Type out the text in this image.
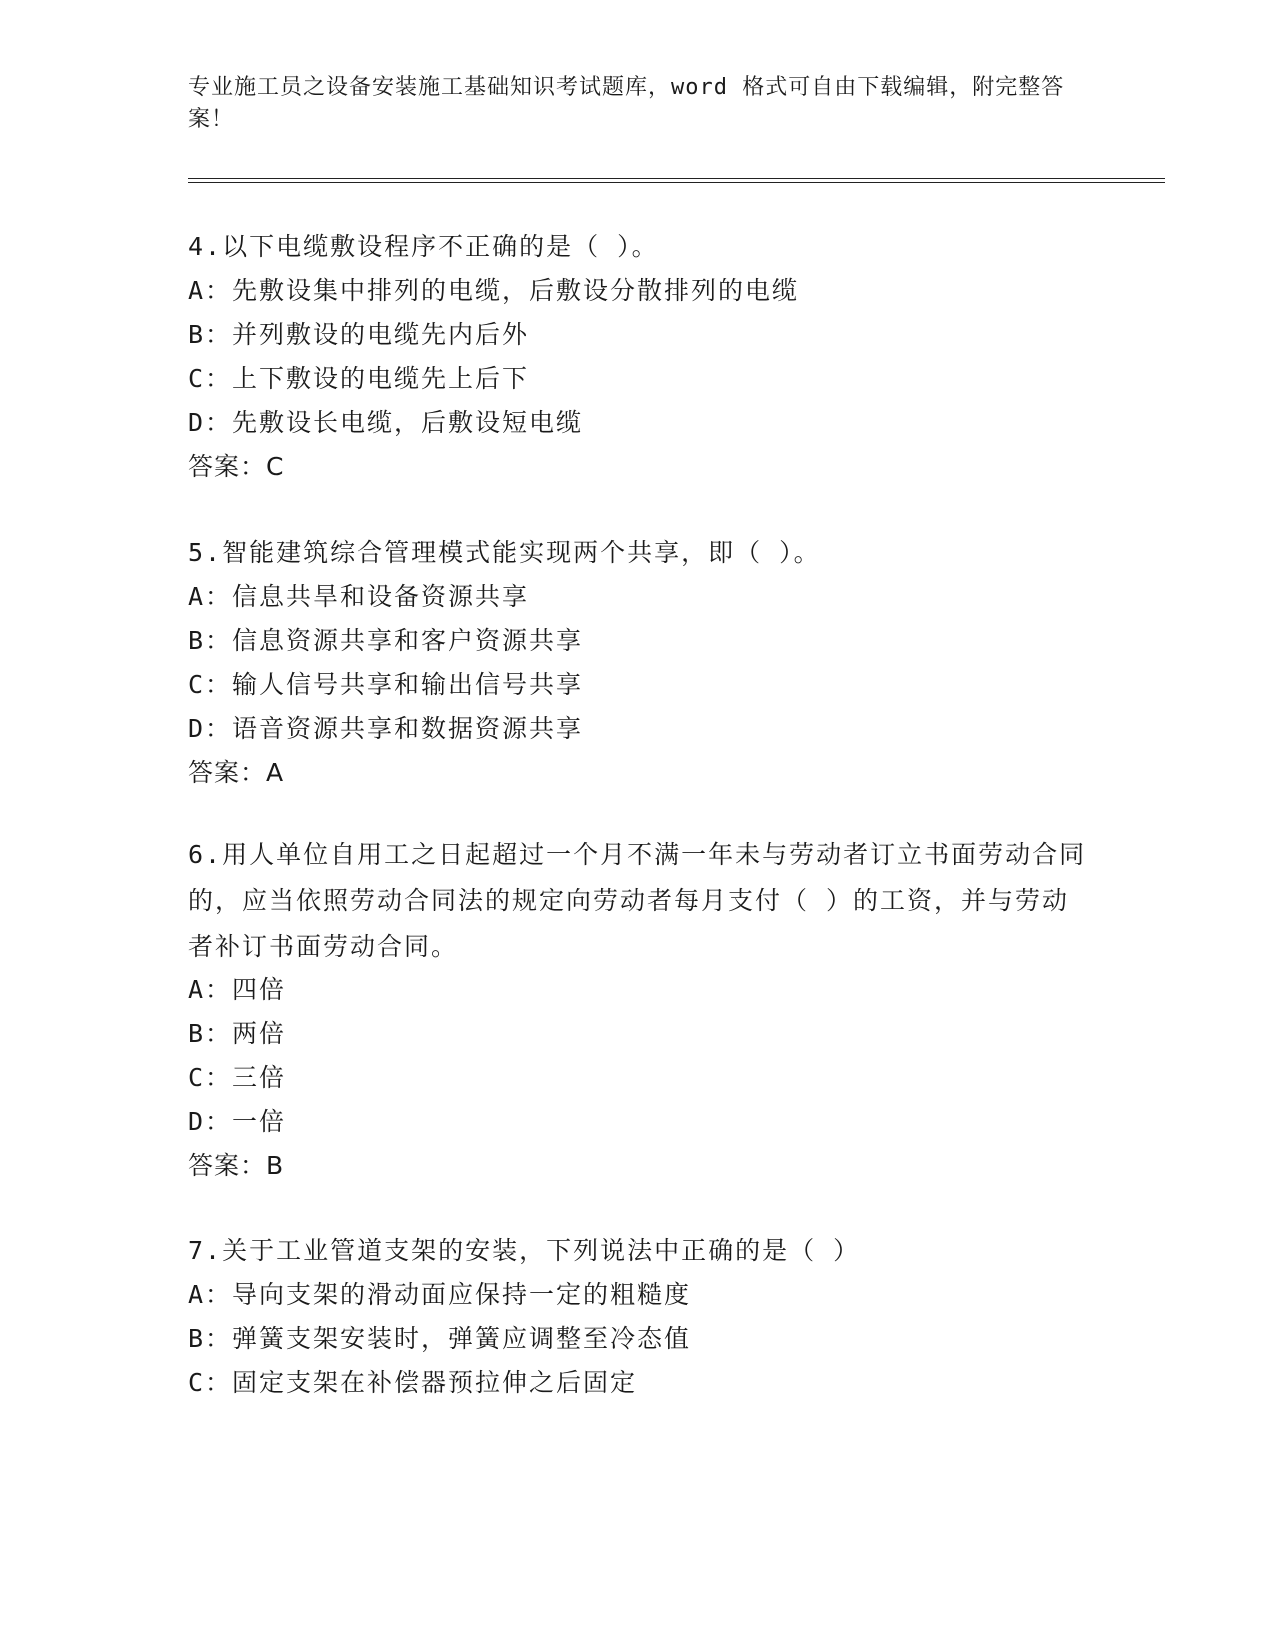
专业施工员之设备安装施工基础知识考试题库，word 格式可自由下载编辑，附完整答案！
4.以下电缆敷设程序不正确的是（ ）。
A：先敷设集中排列的电缆，后敷设分散排列的电缆
B：并列敷设的电缆先内后外
C：上下敷设的电缆先上后下
D：先敷设长电缆，后敷设短电缆
答案：C
5.智能建筑综合管理模式能实现两个共享，即（ ）。
A：信息共旱和设备资源共享
B：信息资源共享和客户资源共享
C：输人信号共享和输出信号共享
D：语音资源共享和数据资源共享
答案：A
6.用人单位自用工之日起超过一个月不满一年未与劳动者订立书面劳动合同的，应当依照劳动合同法的规定向劳动者每月支付（ ）的工资，并与劳动者补订书面劳动合同。
A：四倍
B：两倍
C：三倍
D：一倍
答案：B
7.关于工业管道支架的安装，下列说法中正确的是（ ）
A：导向支架的滑动面应保持一定的粗糙度
B：弹簧支架安装时，弹簧应调整至冷态值
C：固定支架在补偿器预拉伸之后固定
